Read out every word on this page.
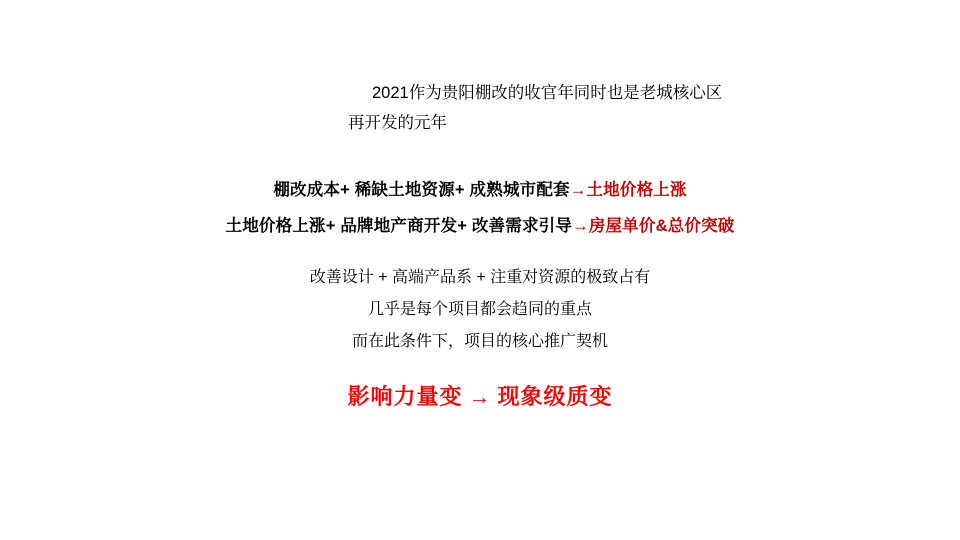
2021作为贵阳棚改的收官年同时也是老城核心区
再开发的元年
棚改成本+ 稀缺土地资源+ 成熟城市配套→土地价格上涨
土地价格上涨+ 品牌地产商开发+ 改善需求引导→房屋单价&总价突破
改善设计 + 高端产品系 + 注重对资源的极致占有
几乎是每个项目都会趋同的重点
而在此条件下，项目的核心推广契机
影响力量变 → 现象级质变
